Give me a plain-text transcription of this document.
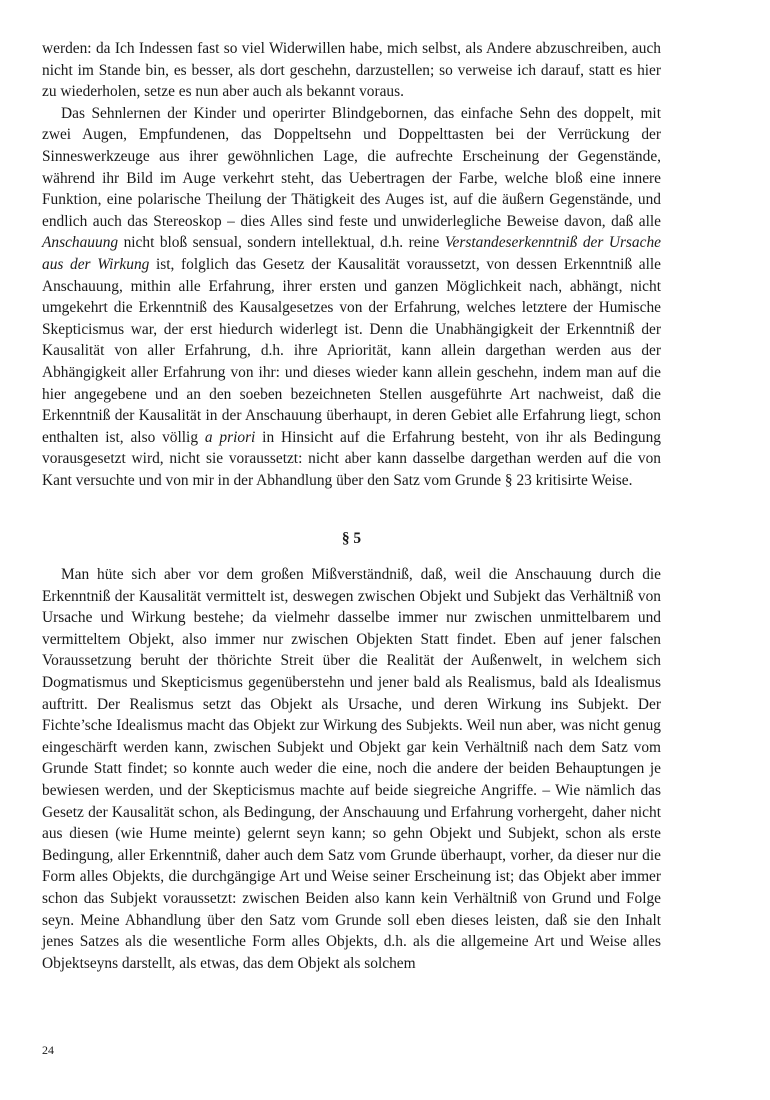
werden: da Ich Indessen fast so viel Widerwillen habe, mich selbst, als Andere abzuschreiben, auch nicht im Stande bin, es besser, als dort geschehn, darzustellen; so verweise ich darauf, statt es hier zu wiederholen, setze es nun aber auch als bekannt voraus.

Das Sehnlernen der Kinder und operirter Blindgebornen, das einfache Sehn des doppelt, mit zwei Augen, Empfundenen, das Doppeltsehn und Doppelttasten bei der Verrückung der Sinneswerkzeuge aus ihrer gewöhnlichen Lage, die aufrechte Erscheinung der Gegenstände, während ihr Bild im Auge verkehrt steht, das Uebertragen der Farbe, welche bloß eine innere Funktion, eine polarische Theilung der Thätigkeit des Auges ist, auf die äußern Gegenstände, und endlich auch das Stereoskop – dies Alles sind feste und unwiderlegliche Beweise davon, daß alle Anschauung nicht bloß sensual, sondern intellektual, d.h. reine Verstandeserkenntniß der Ursache aus der Wirkung ist, folglich das Gesetz der Kausalität voraussetzt, von dessen Erkenntniß alle Anschauung, mithin alle Erfahrung, ihrer ersten und ganzen Möglichkeit nach, abhängt, nicht umgekehrt die Erkenntniß des Kausalgesetzes von der Erfahrung, welches letztere der Humische Skepticismus war, der erst hiedurch widerlegt ist. Denn die Unabhängigkeit der Erkenntniß der Kausalität von aller Erfahrung, d.h. ihre Apriorität, kann allein dargethan werden aus der Abhängigkeit aller Erfahrung von ihr: und dieses wieder kann allein geschehn, indem man auf die hier angegebene und an den soeben bezeichneten Stellen ausgeführte Art nachweist, daß die Erkenntniß der Kausalität in der Anschauung überhaupt, in deren Gebiet alle Erfahrung liegt, schon enthalten ist, also völlig a priori in Hinsicht auf die Erfahrung besteht, von ihr als Bedingung vorausgesetzt wird, nicht sie voraussetzt: nicht aber kann dasselbe dargethan werden auf die von Kant versuchte und von mir in der Abhandlung über den Satz vom Grunde § 23 kritisirte Weise.

§ 5

Man hüte sich aber vor dem großen Mißverständniß, daß, weil die Anschauung durch die Erkenntniß der Kausalität vermittelt ist, deswegen zwischen Objekt und Subjekt das Verhältniß von Ursache und Wirkung bestehe; da vielmehr dasselbe immer nur zwischen unmittelbarem und vermitteltem Objekt, also immer nur zwischen Objekten Statt findet. Eben auf jener falschen Voraussetzung beruht der thörichte Streit über die Realität der Außenwelt, in welchem sich Dogmatismus und Skepticismus gegenüberstehn und jener bald als Realismus, bald als Idealismus auftritt. Der Realismus setzt das Objekt als Ursache, und deren Wirkung ins Subjekt. Der Fichte’sche Idealismus macht das Objekt zur Wirkung des Subjekts. Weil nun aber, was nicht genug eingeschärft werden kann, zwischen Subjekt und Objekt gar kein Verhältniß nach dem Satz vom Grunde Statt findet; so konnte auch weder die eine, noch die andere der beiden Behauptungen je bewiesen werden, und der Skepticismus machte auf beide siegreiche Angriffe. – Wie nämlich das Gesetz der Kausalität schon, als Bedingung, der Anschauung und Erfahrung vorhergeht, daher nicht aus diesen (wie Hume meinte) gelernt seyn kann; so gehn Objekt und Subjekt, schon als erste Bedingung, aller Erkenntniß, daher auch dem Satz vom Grunde überhaupt, vorher, da dieser nur die Form alles Objekts, die durchgängige Art und Weise seiner Erscheinung ist; das Objekt aber immer schon das Subjekt voraussetzt: zwischen Beiden also kann kein Verhältniß von Grund und Folge seyn. Meine Abhandlung über den Satz vom Grunde soll eben dieses leisten, daß sie den Inhalt jenes Satzes als die wesentliche Form alles Objekts, d.h. als die allgemeine Art und Weise alles Objektseyns darstellt, als etwas, das dem Objekt als solchem

24
